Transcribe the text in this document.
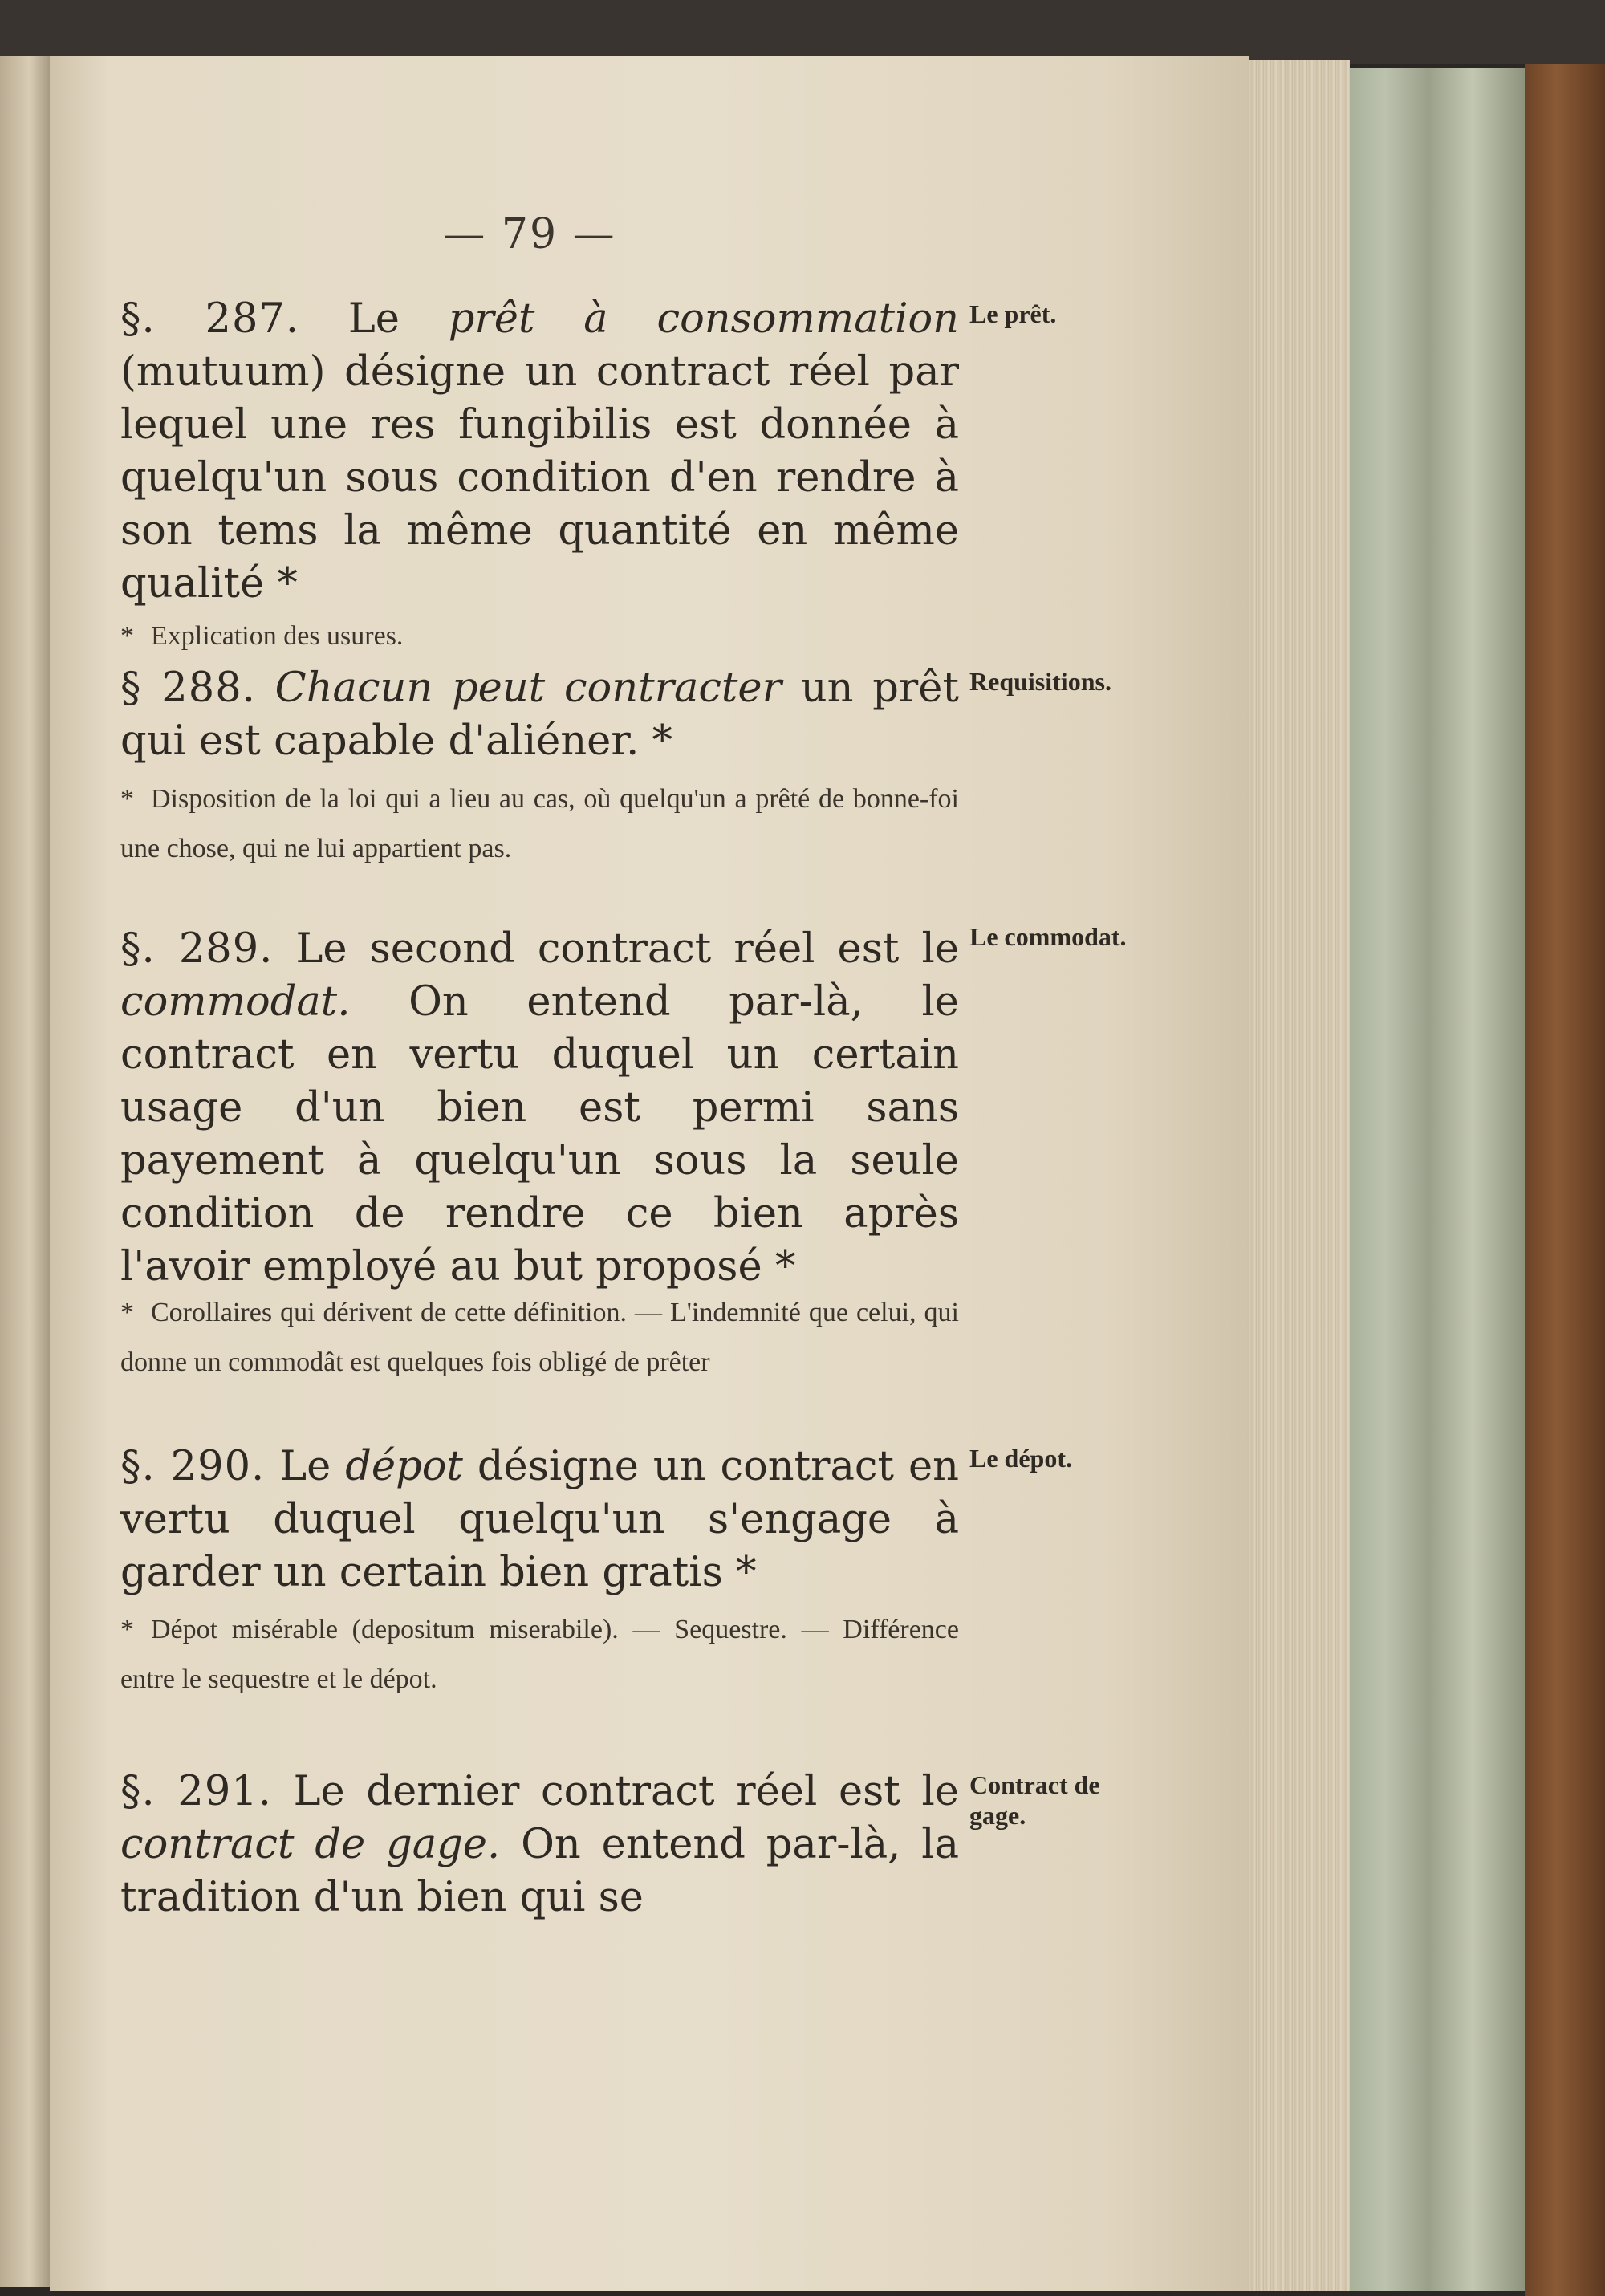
— 79 —
§. 287. Le prêt à consommation (mutuum) désigne un contract réel par lequel une res fungibilis est donnée à quelqu'un sous condition d'en rendre à son tems la même quantité en même qualité *
* Explication des usures.
§ 288. Chacun peut contracter un prêt qui est capable d'aliéner. *
* Disposition de la loi qui a lieu au cas, où quelqu'un a prêté de bonne-foi une chose, qui ne lui appartient pas.
§. 289. Le second contract réel est le commodat. On entend par-là, le contract en vertu duquel un certain usage d'un bien est permi sans payement à quelqu'un sous la seule condition de rendre ce bien après l'avoir employé au but proposé *
* Corollaires qui dérivent de cette définition. — L'indemnité que celui, qui donne un commodât est quelques fois obligé de prêter
§. 290. Le dépot désigne un contract en vertu duquel quelqu'un s'engage à garder un certain bien gratis *
* Dépot misérable (depositum miserabile). — Sequestre. — Différence entre le sequestre et le dépot.
§. 291. Le dernier contract réel est le contract de gage. On entend par-là, la tradition d'un bien qui se
Le prêt.
Requisitions.
Le commodat.
Le dépot.
Contract de gage.
